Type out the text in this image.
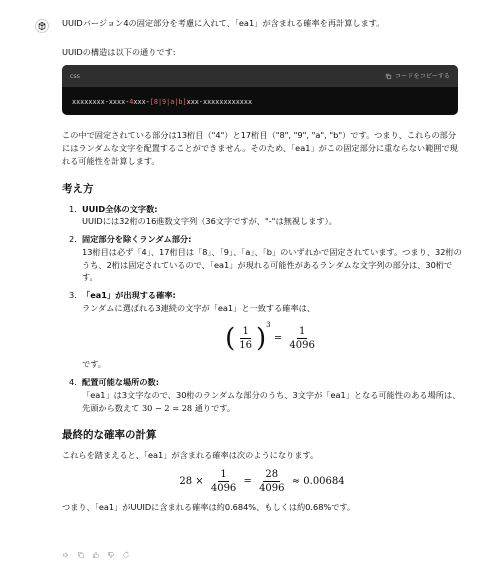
UUIDバージョン4の固定部分を考慮に入れて、「ea1」が含まれる確率を再計算します。

UUIDの構造は以下の通りです:

css	コードをコピーする
xxxxxxxx-xxxx-4xxx-[8|9|a|b]xxx-xxxxxxxxxxxx

この中で固定されている部分は13桁目（"4"）と17桁目（"8", "9", "a", "b"）です。つまり、これらの部分にはランダムな文字を配置することができません。そのため、「ea1」がこの固定部分に重ならない範囲で現れる可能性を計算します。

考え方
1. UUID全体の文字数:
UUIDには32桁の16進数文字列（36文字ですが、"-"は無視します）。
2. 固定部分を除くランダム部分:
13桁目は必ず「4」、17桁目は「8」、「9」、「a」、「b」のいずれかで固定されています。つまり、32桁のうち、2桁は固定されているので、「ea1」が現れる可能性があるランダムな文字列の部分は、30桁です。
3. 「ea1」が出現する確率:
ランダムに選ばれる3連続の文字が「ea1」と一致する確率は、
( $\frac{1}{16} )^3 = \frac{1}{4096}$
です。
4. 配置可能な場所の数:
「ea1」は3文字なので、30桁のランダムな部分のうち、3文字が「ea1」となる可能性のある場所は、先頭から数えて 30 − 2 = 28 通りです。
最終的な確率の計算

これらを踏まえると、「ea1」が含まれる確率は次のようになります。

$28 \times \frac{1}{4096} = \frac{28}{4096} \approx 0.00684$

つまり、「ea1」がUUIDに含まれる確率は約0.684%、もしくは約0.68%です。
